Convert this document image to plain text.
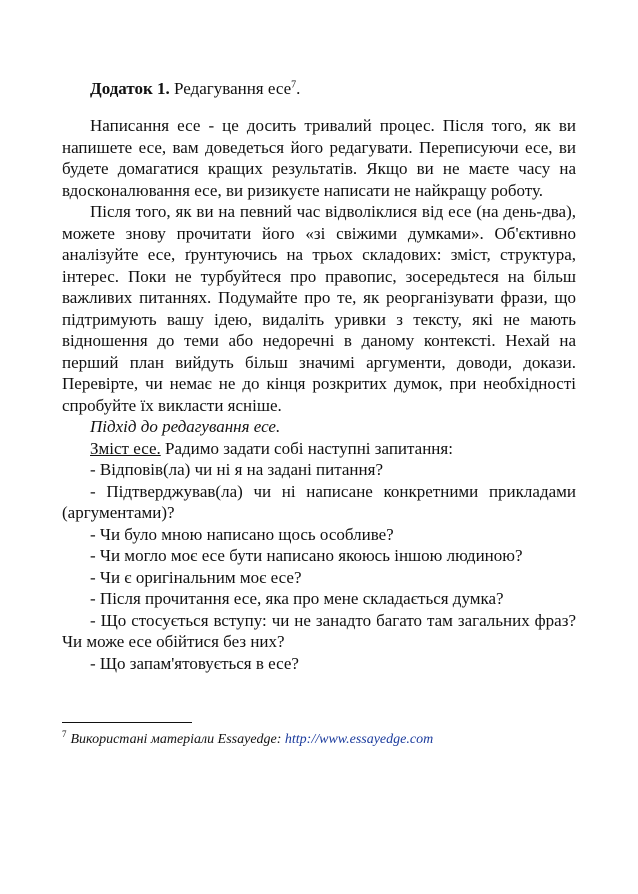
Додаток 1. Редагування есе$^7$.

Написання есе - це досить тривалий процес. Після того, як ви напишете есе, вам доведеться його редагувати. Переписуючи есе, ви будете домагатися кращих результатів. Якщо ви не маєте часу на вдосконалювання есе, ви ризикуєте написати не найкращу роботу.

Після того, як ви на певний час відволіклися від есе (на день-два), можете знову прочитати його «зі свіжими думками». Об'єктивно аналізуйте есе, ґрунтуючись на трьох складових: зміст, структура, інтерес. Поки не турбуйтеся про правопис, зосередьтеся на більш важливих питаннях. Подумайте про те, як реорганізувати фрази, що підтримують вашу ідею, видаліть уривки з тексту, які не мають відношення до теми або недоречні в даному контексті. Нехай на перший план вийдуть більш значимі аргументи, доводи, докази. Перевірте, чи немає не до кінця розкритих думок, при необхідності спробуйте їх викласти ясніше.

Підхід до редагування есе.

Зміст есе. Радимо задати собі наступні запитання:

- Відповів(ла) чи ні я на задані питання?

- Підтверджував(ла) чи ні написане конкретними прикладами (аргументами)?

- Чи було мною написано щось особливе?

- Чи могло моє есе бути написано якоюсь іншою людиною?

- Чи є оригінальним моє есе?

- Після прочитання есе, яка про мене складається думка?

- Що стосується вступу: чи не занадто багато там загальних фраз? Чи може есе обійтися без них?

- Що запам'ятовується в есе?

$^7$ Використані матеріали Essayedge: http://www.essayedge.com
